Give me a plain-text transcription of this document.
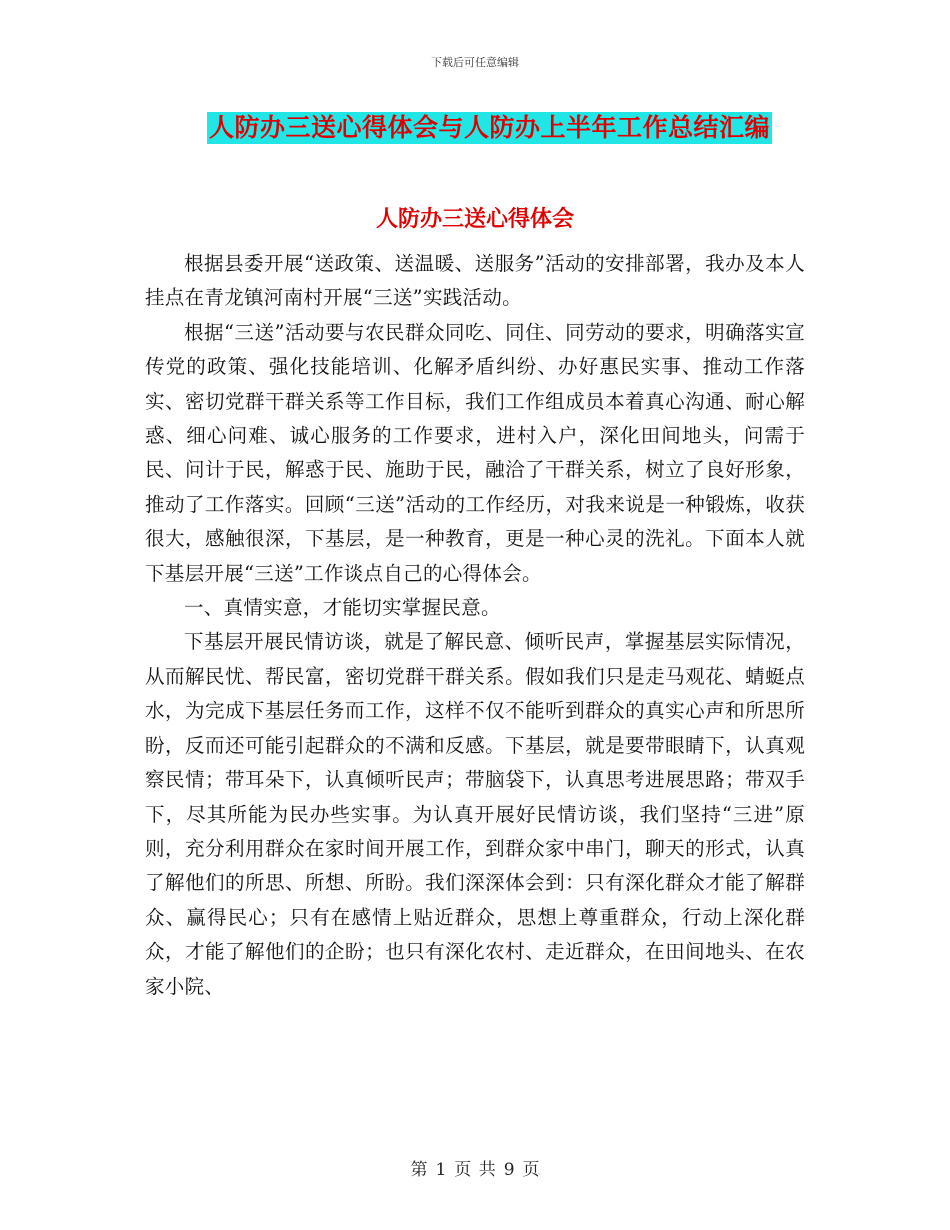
下载后可任意编辑
人防办三送心得体会与人防办上半年工作总结汇编
人防办三送心得体会

根据县委开展“送政策、送温暖、送服务”活动的安排部署，我办及本人挂点在青龙镇河南村开展“三送”实践活动。

根据“三送”活动要与农民群众同吃、同住、同劳动的要求，明确落实宣传党的政策、强化技能培训、化解矛盾纠纷、办好惠民实事、推动工作落实、密切党群干群关系等工作目标，我们工作组成员本着真心沟通、耐心解惑、细心问难、诚心服务的工作要求，进村入户，深化田间地头，问需于民、问计于民，解惑于民、施助于民，融洽了干群关系，树立了良好形象，推动了工作落实。回顾“三送”活动的工作经历，对我来说是一种锻炼，收获很大，感触很深，下基层，是一种教育，更是一种心灵的洗礼。下面本人就下基层开展“三送”工作谈点自己的心得体会。

一、真情实意，才能切实掌握民意。

下基层开展民情访谈，就是了解民意、倾听民声，掌握基层实际情况，从而解民忧、帮民富，密切党群干群关系。假如我们只是走马观花、蜻蜓点水，为完成下基层任务而工作，这样不仅不能听到群众的真实心声和所思所盼，反而还可能引起群众的不满和反感。下基层，就是要带眼睛下，认真观察民情；带耳朵下，认真倾听民声；带脑袋下，认真思考进展思路；带双手下，尽其所能为民办些实事。为认真开展好民情访谈，我们坚持“三进”原则，充分利用群众在家时间开展工作，到群众家中串门，聊天的形式，认真了解他们的所思、所想、所盼。我们深深体会到：只有深化群众才能了解群众、赢得民心；只有在感情上贴近群众，思想上尊重群众，行动上深化群众，才能了解他们的企盼；也只有深化农村、走近群众，在田间地头、在农家小院、

第 1 页 共 9 页
